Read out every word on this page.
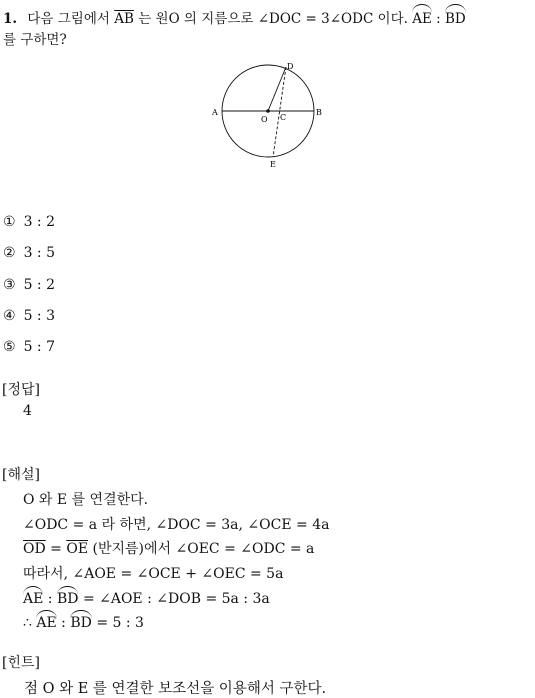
1. 다음 그림에서 $\overline{AB}$ 는 원O 의 지름으로 ∠DOC = 3∠ODC 이다. AE : BD
를 구하면?
A	B
D
E
O C
① 3 : 2
② 3 : 5
③ 5 : 2
④ 5 : 3
⑤ 5 : 7
[정답]
4
[해설]
O 와 E 를 연결한다.
∠ODC = a 라 하면, ∠DOC = 3a, ∠OCE = 4a
$\overline{OD} = \overline{OE}$ (반지름)에서 ∠OEC = ∠ODC = a
따라서, ∠AOE = ∠OCE + ∠OEC = 5a
AE : BD = ∠AOE : ∠DOB = 5a : 3a
∴ AE : BD = 5 : 3
[힌트]
점 O 와 E 를 연결한 보조선을 이용해서 구한다.
